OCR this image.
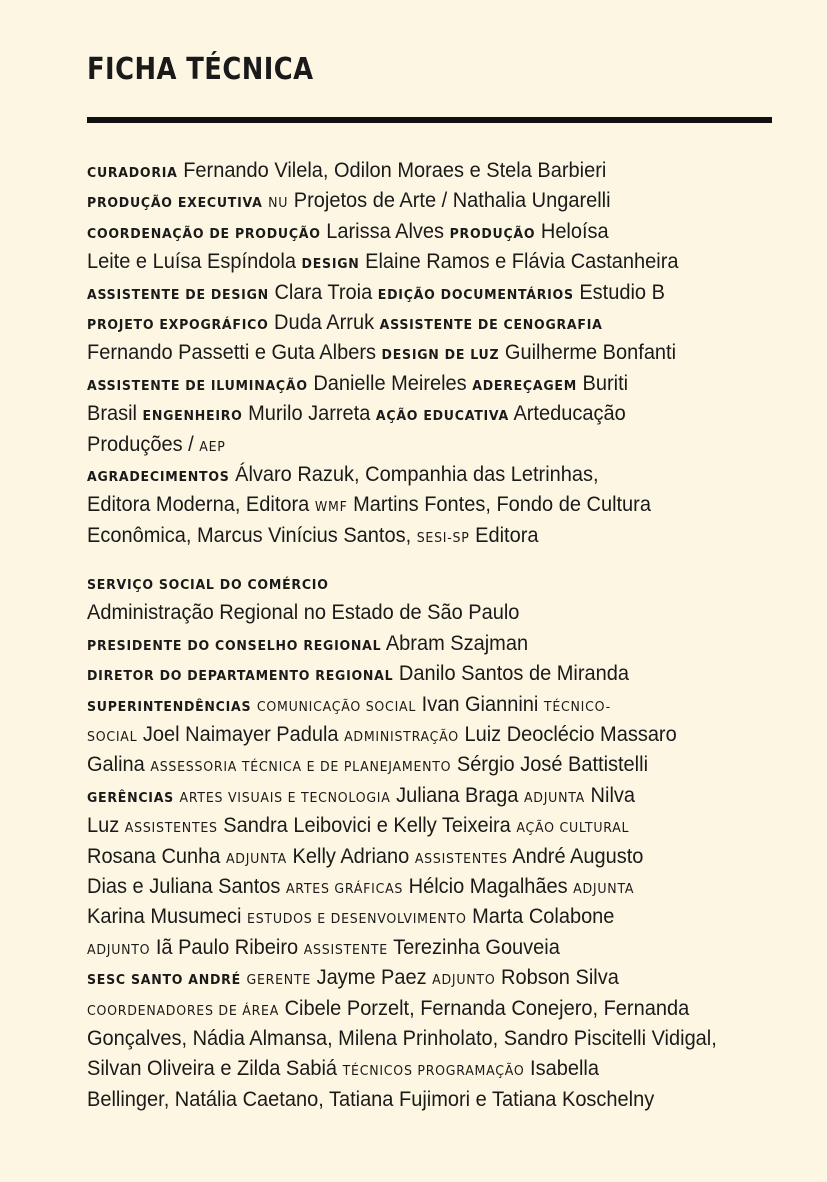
FICHA TÉCNICA
CURADORIA Fernando Vilela, Odilon Moraes e Stela Barbieri
PRODUÇÃO EXECUTIVA NU Projetos de Arte / Nathalia Ungarelli
COORDENAÇÃO DE PRODUÇÃO Larissa Alves PRODUÇÃO Heloísa
Leite e Luísa Espíndola DESIGN Elaine Ramos e Flávia Castanheira
ASSISTENTE DE DESIGN Clara Troia EDIÇÃO DOCUMENTÁRIOS Estudio B
PROJETO EXPOGRÁFICO Duda Arruk ASSISTENTE DE CENOGRAFIA
Fernando Passetti e Guta Albers DESIGN DE LUZ Guilherme Bonfanti
ASSISTENTE DE ILUMINAÇÃO Danielle Meireles ADEREÇAGEM Buriti
Brasil ENGENHEIRO Murilo Jarreta AÇÃO EDUCATIVA Arteducação
Produções / AEP
AGRADECIMENTOS Álvaro Razuk, Companhia das Letrinhas,
Editora Moderna, Editora WMF Martins Fontes, Fondo de Cultura
Econômica, Marcus Vinícius Santos, SESI-SP Editora
SERVIÇO SOCIAL DO COMÉRCIO
Administração Regional no Estado de São Paulo
PRESIDENTE DO CONSELHO REGIONAL Abram Szajman
DIRETOR DO DEPARTAMENTO REGIONAL Danilo Santos de Miranda
SUPERINTENDÊNCIAS COMUNICAÇÃO SOCIAL Ivan Giannini TÉCNICO-
SOCIAL Joel Naimayer Padula ADMINISTRAÇÃO Luiz Deoclécio Massaro
Galina ASSESSORIA TÉCNICA E DE PLANEJAMENTO Sérgio José Battistelli
GERÊNCIAS ARTES VISUAIS E TECNOLOGIA Juliana Braga ADJUNTA Nilva
Luz ASSISTENTES Sandra Leibovici e Kelly Teixeira AÇÃO CULTURAL
Rosana Cunha ADJUNTA Kelly Adriano ASSISTENTES André Augusto
Dias e Juliana Santos ARTES GRÁFICAS Hélcio Magalhães ADJUNTA
Karina Musumeci ESTUDOS E DESENVOLVIMENTO Marta Colabone
ADJUNTO Iã Paulo Ribeiro ASSISTENTE Terezinha Gouveia
SESC SANTO ANDRÉ GERENTE Jayme Paez ADJUNTO Robson Silva
COORDENADORES DE ÁREA Cibele Porzelt, Fernanda Conejero, Fernanda
Gonçalves, Nádia Almansa, Milena Prinholato, Sandro Piscitelli Vidigal,
Silvan Oliveira e Zilda Sabiá TÉCNICOS PROGRAMAÇÃO Isabella
Bellinger, Natália Caetano, Tatiana Fujimori e Tatiana Koschelny
